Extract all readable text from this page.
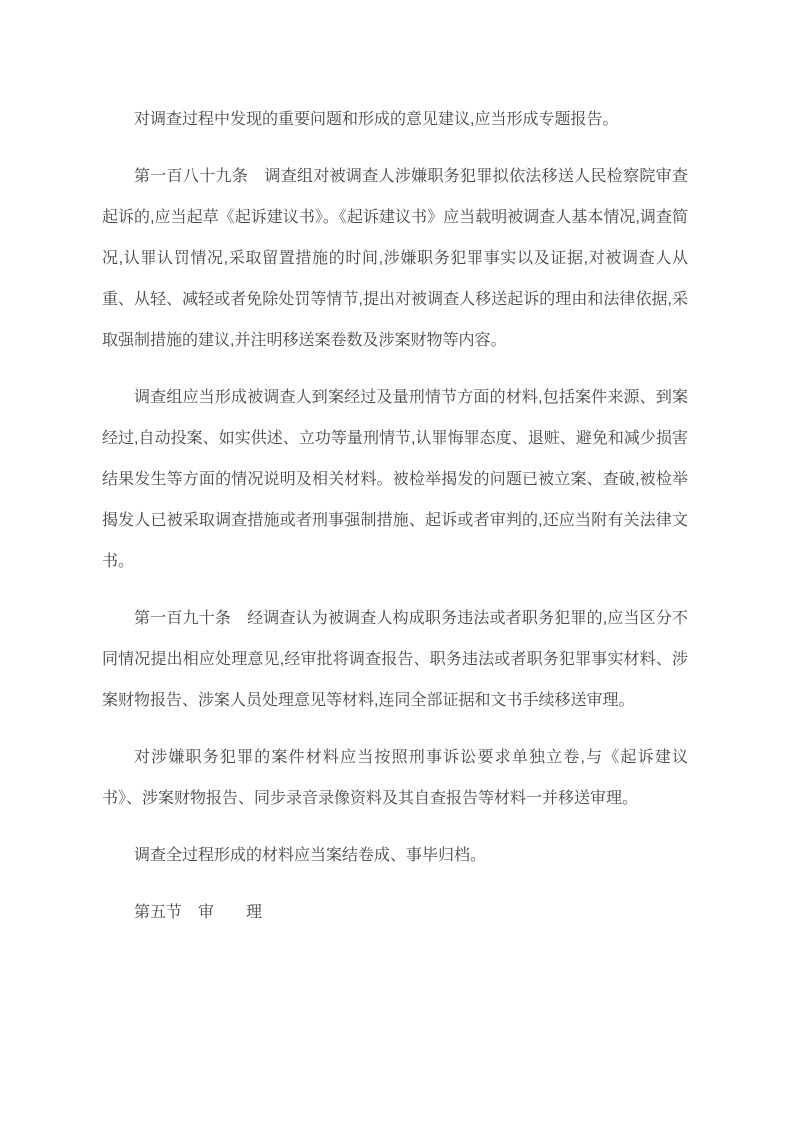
对调查过程中发现的重要问题和形成的意见建议,应当形成专题报告。

第一百八十九条　调查组对被调查人涉嫌职务犯罪拟依法移送人民检察院审查起诉的,应当起草《起诉建议书》。《起诉建议书》应当载明被调查人基本情况,调查简况,认罪认罚情况,采取留置措施的时间,涉嫌职务犯罪事实以及证据,对被调查人从重、从轻、减轻或者免除处罚等情节,提出对被调查人移送起诉的理由和法律依据,采取强制措施的建议,并注明移送案卷数及涉案财物等内容。

调查组应当形成被调查人到案经过及量刑情节方面的材料,包括案件来源、到案经过,自动投案、如实供述、立功等量刑情节,认罪悔罪态度、退赃、避免和减少损害结果发生等方面的情况说明及相关材料。被检举揭发的问题已被立案、查破,被检举揭发人已被采取调查措施或者刑事强制措施、起诉或者审判的,还应当附有关法律文书。

第一百九十条　经调查认为被调查人构成职务违法或者职务犯罪的,应当区分不同情况提出相应处理意见,经审批将调查报告、职务违法或者职务犯罪事实材料、涉案财物报告、涉案人员处理意见等材料,连同全部证据和文书手续移送审理。

对涉嫌职务犯罪的案件材料应当按照刑事诉讼要求单独立卷,与《起诉建议书》、涉案财物报告、同步录音录像资料及其自查报告等材料一并移送审理。

调查全过程形成的材料应当案结卷成、事毕归档。

第五节　审　　理
